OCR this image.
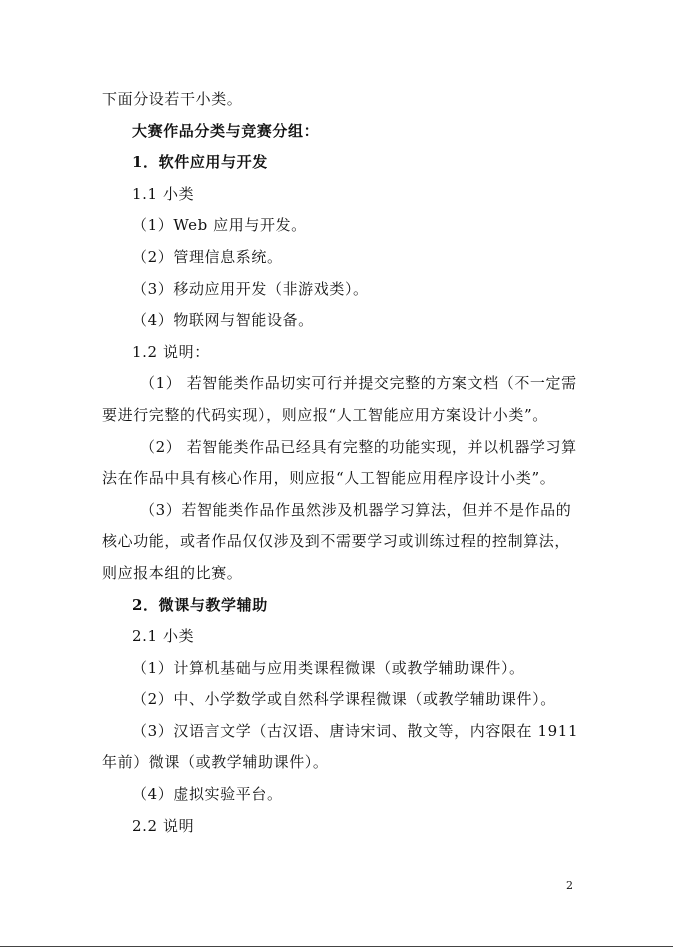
下面分设若干小类。
大赛作品分类与竞赛分组：
1．软件应用与开发
1.1 小类
（1）Web 应用与开发。
（2）管理信息系统。
（3）移动应用开发（非游戏类）。
（4）物联网与智能设备。
1.2 说明：
（1） 若智能类作品切实可行并提交完整的方案文档（不一定需
要进行完整的代码实现），则应报“人工智能应用方案设计小类”。
（2） 若智能类作品已经具有完整的功能实现，并以机器学习算
法在作品中具有核心作用，则应报“人工智能应用程序设计小类”。
（3）若智能类作品作虽然涉及机器学习算法，但并不是作品的
核心功能，或者作品仅仅涉及到不需要学习或训练过程的控制算法，
则应报本组的比赛。
2．微课与教学辅助
2.1 小类
（1）计算机基础与应用类课程微课（或教学辅助课件）。
（2）中、小学数学或自然科学课程微课（或教学辅助课件）。
（3）汉语言文学（古汉语、唐诗宋词、散文等，内容限在 1911
年前）微课（或教学辅助课件）。
（4）虚拟实验平台。
2.2 说明
2
